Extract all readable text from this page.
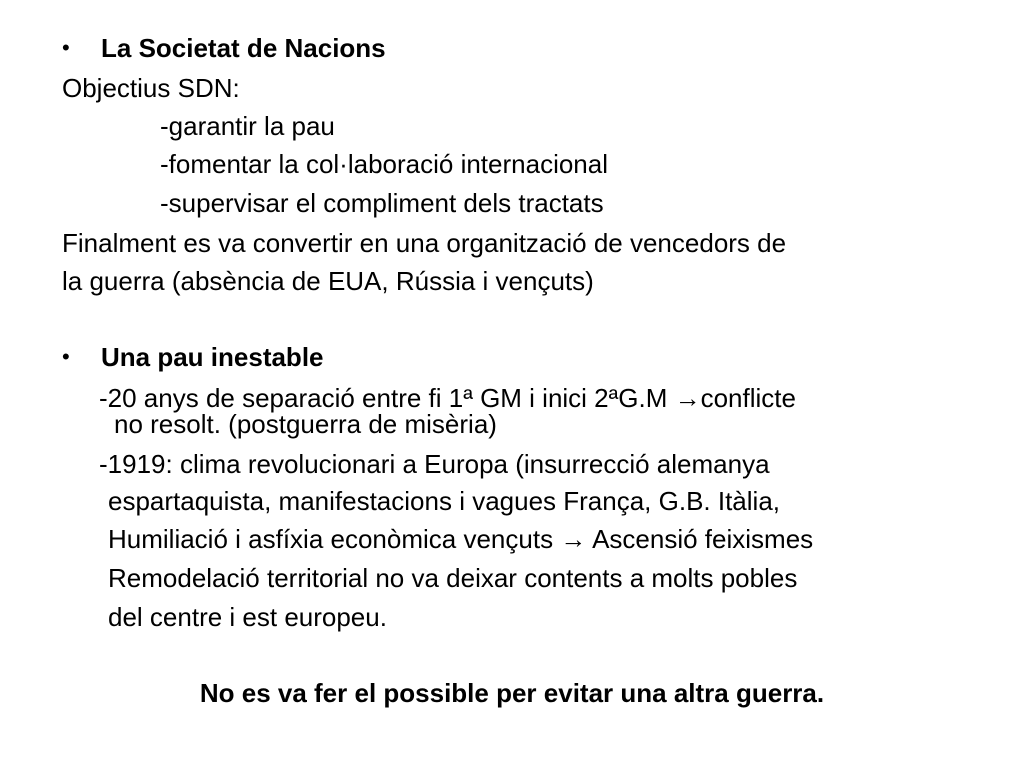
• La Societat de Nacions
Objectius SDN:
-garantir la pau
-fomentar la col·laboració internacional
-supervisar el compliment dels tractats
Finalment es va convertir en una organització de vencedors de
la guerra (absència de EUA, Rússia i vençuts)
• Una pau inestable
-20 anys de separació entre fi 1ª GM i inici 2ªG.M →conflicte
no resolt. (postguerra de misèria)
-1919: clima revolucionari a Europa (insurrecció alemanya
espartaquista, manifestacions i vagues França, G.B. Itàlia,
Humiliació i asfíxia econòmica vençuts → Ascensió feixismes
Remodelació territorial no va deixar contents a molts pobles
del centre i est europeu.
No es va fer el possible per evitar una altra guerra.
